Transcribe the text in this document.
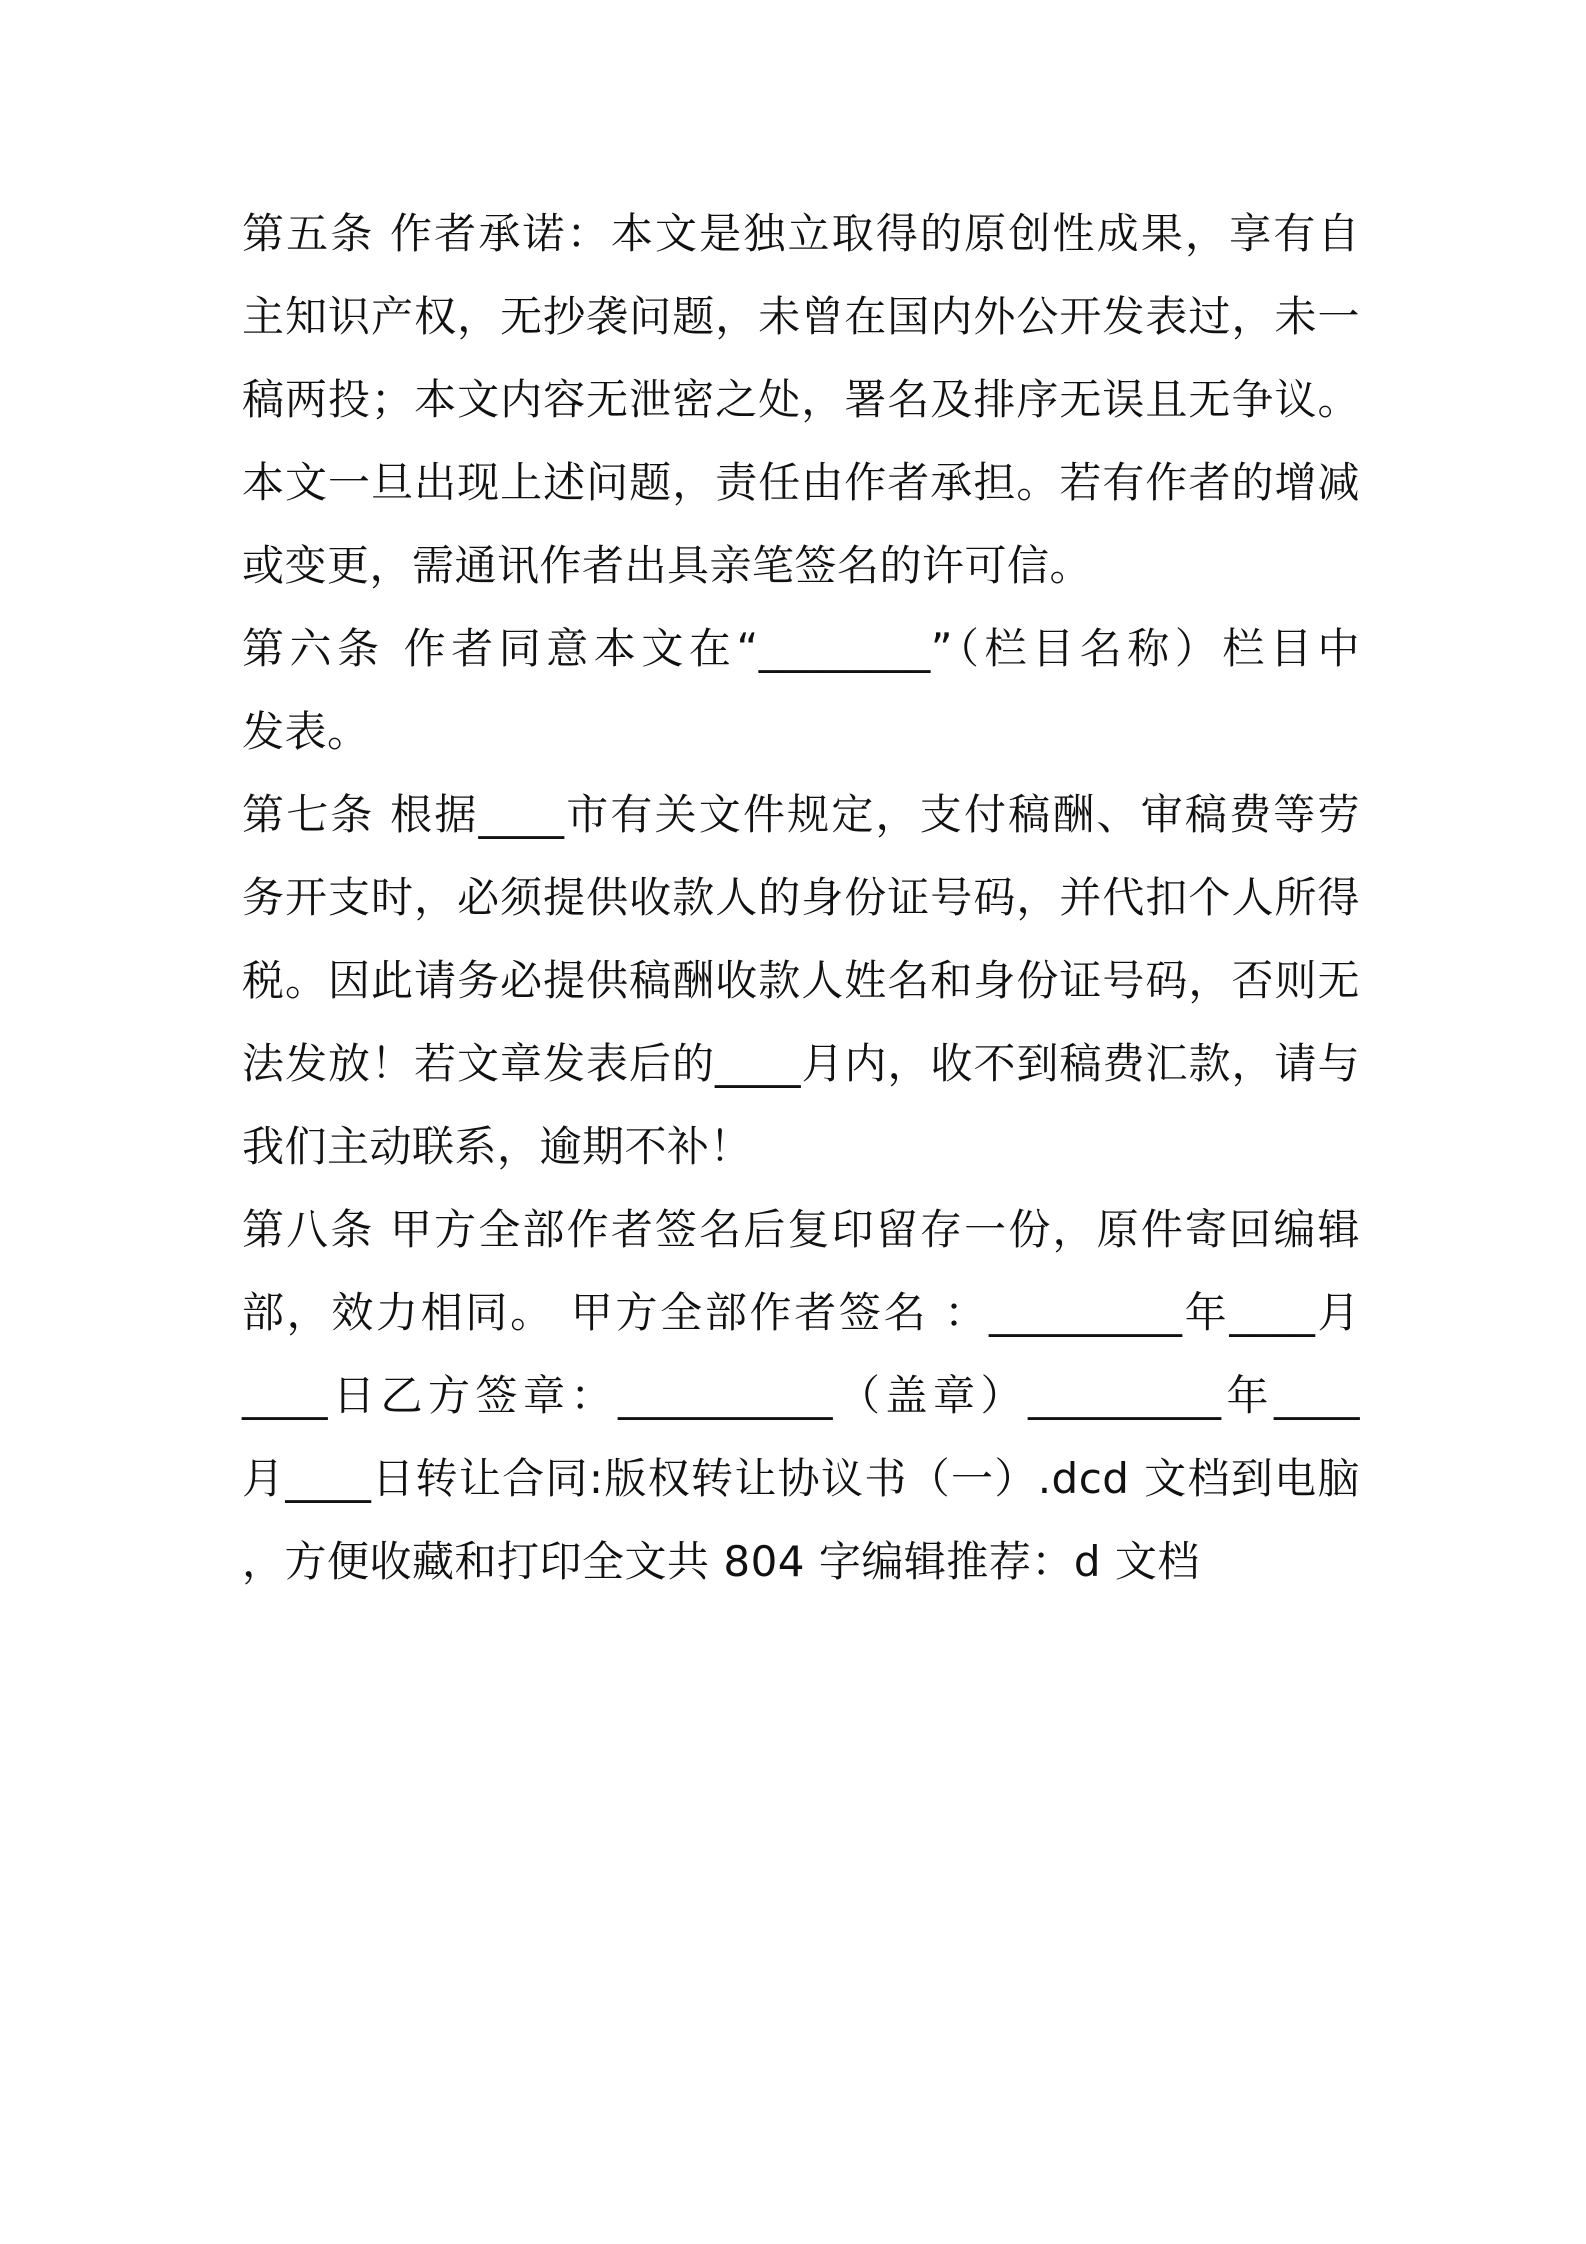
第五条 作者承诺：本文是独立取得的原创性成果，享有自
主知识产权，无抄袭问题，未曾在国内外公开发表过，未一
稿两投；本文内容无泄密之处，署名及排序无误且无争议。
本文一旦出现上述问题，责任由作者承担。若有作者的增减
或变更，需通讯作者出具亲笔签名的许可信。
第六条 作者同意本文在“________”（栏目名称）栏目中
发表。
第七条 根据____市有关文件规定，支付稿酬、审稿费等劳
务开支时，必须提供收款人的身份证号码，并代扣个人所得
税。因此请务必提供稿酬收款人姓名和身份证号码，否则无
法发放！若文章发表后的____月内，收不到稿费汇款，请与
我们主动联系，逾期不补！
第八条 甲方全部作者签名后复印留存一份，原件寄回编辑
部，效力相同。 甲方全部作者签名 ：_________年____月
____日乙方签章：__________（盖章）_________年____
月____日转让合同:版权转让协议书（一）.dcd 文档到电脑
，方便收藏和打印全文共 804 字编辑推荐：d 文档
